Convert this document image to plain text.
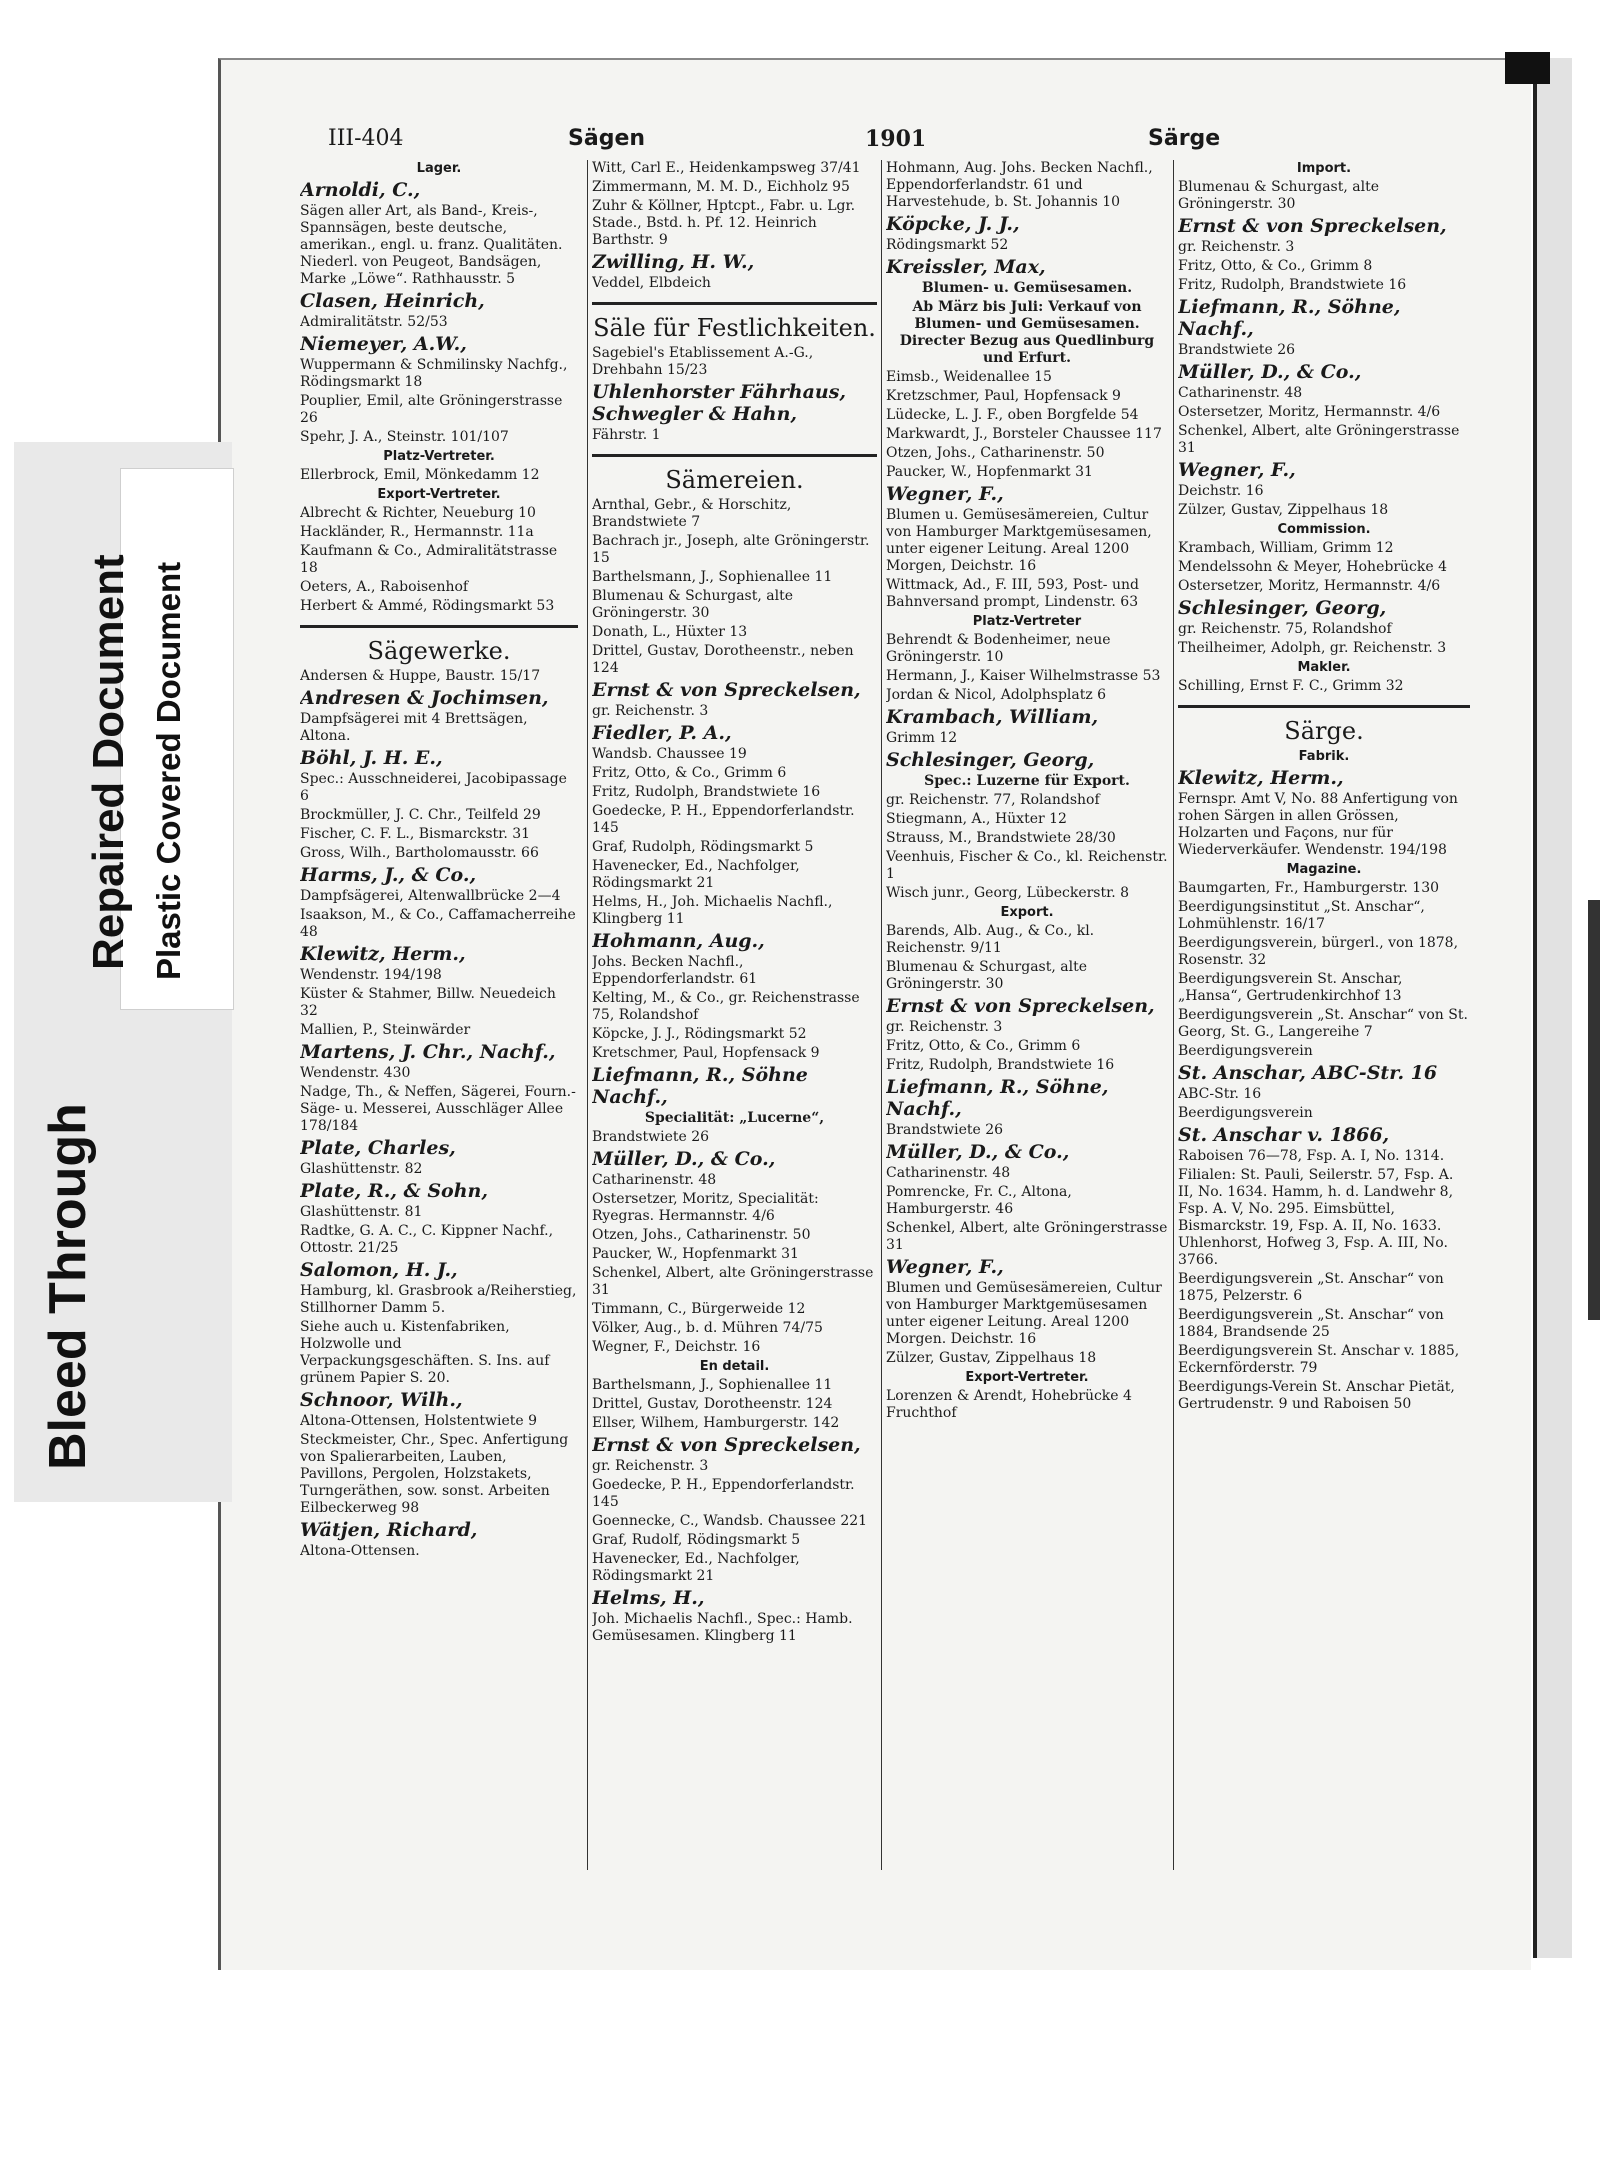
III-404	Sägen	1901	Särge

Lager.

Arnoldi, C.,

Sägen aller Art, als Band-, Kreis-, Spannsägen, beste deutsche, amerikan., engl. u. franz. Qualitäten. Niederl. von Peugeot, Bandsägen, Marke „Löwe“. Rathhausstr. 5

Clasen, Heinrich,

Admiralitätstr. 52/53

Niemeyer, A.W.,

Wuppermann & Schmilinsky Nachfg., Rödingsmarkt 18

Pouplier, Emil, alte Gröningerstrasse 26

Spehr, J. A., Steinstr. 101/107

Platz-Vertreter.

Ellerbrock, Emil, Mönkedamm 12

Export-Vertreter.

Albrecht & Richter, Neueburg 10

Hackländer, R., Hermannstr. 11a

Kaufmann & Co., Admiralitätstrasse 18

Oeters, A., Raboisenhof

Herbert & Ammé, Rödingsmarkt 53

Sägewerke.

Andersen & Huppe, Baustr. 15/17

Andresen & Jochimsen,

Dampfsägerei mit 4 Brettsägen, Altona.

Böhl, J. H. E.,

Spec.: Ausschneiderei, Jacobipassage 6

Brockmüller, J. C. Chr., Teilfeld 29

Fischer, C. F. L., Bismarckstr. 31

Gross, Wilh., Bartholomausstr. 66

Harms, J., & Co.,

Dampfsägerei, Altenwallbrücke 2—4

Isaakson, M., & Co., Caffamacherreihe 48

Klewitz, Herm.,

Wendenstr. 194/198

Küster & Stahmer, Billw. Neuedeich 32

Mallien, P., Steinwärder

Martens, J. Chr., Nachf.,

Wendenstr. 430

Nadge, Th., & Neffen, Sägerei, Fourn.-Säge- u. Messerei, Ausschläger Allee 178/184

Plate, Charles,

Glashüttenstr. 82

Plate, R., & Sohn,

Glashüttenstr. 81

Radtke, G. A. C., C. Kippner Nachf., Ottostr. 21/25

Salomon, H. J.,

Hamburg, kl. Grasbrook a/Reiherstieg, Stillhorner Damm 5.

Siehe auch u. Kistenfabriken, Holzwolle und Verpackungsgeschäften. S. Ins. auf grünem Papier S. 20.

Schnoor, Wilh.,

Altona-Ottensen, Holstentwiete 9

Steckmeister, Chr., Spec. Anfertigung von Spalierarbeiten, Lauben, Pavillons, Pergolen, Holzstakets, Turngeräthen, sow. sonst. Arbeiten Eilbeckerweg 98

Wätjen, Richard,

Altona-Ottensen.

Witt, Carl E., Heidenkampsweg 37/41

Zimmermann, M. M. D., Eichholz 95

Zuhr & Köllner, Hptcpt., Fabr. u. Lgr. Stade., Bstd. h. Pf. 12. Heinrich Barthstr. 9

Zwilling, H. W.,

Veddel, Elbdeich

Säle für Festlichkeiten.

Sagebiel's Etablissement A.-G., Drehbahn 15/23

Uhlenhorster Fährhaus, Schwegler & Hahn,

Fährstr. 1

Sämereien.

Arnthal, Gebr., & Horschitz, Brandstwiete 7

Bachrach jr., Joseph, alte Gröningerstr. 15

Barthelsmann, J., Sophienallee 11

Blumenau & Schurgast, alte Gröningerstr. 30

Donath, L., Hüxter 13

Drittel, Gustav, Dorotheenstr., neben 124

Ernst & von Spreckelsen,

gr. Reichenstr. 3

Fiedler, P. A.,

Wandsb. Chaussee 19

Fritz, Otto, & Co., Grimm 6

Fritz, Rudolph, Brandstwiete 16

Goedecke, P. H., Eppendorferlandstr. 145

Graf, Rudolph, Rödingsmarkt 5

Havenecker, Ed., Nachfolger, Rödingsmarkt 21

Helms, H., Joh. Michaelis Nachfl., Klingberg 11

Hohmann, Aug.,

Johs. Becken Nachfl., Eppendorferlandstr. 61

Kelting, M., & Co., gr. Reichenstrasse 75, Rolandshof

Köpcke, J. J., Rödingsmarkt 52

Kretschmer, Paul, Hopfensack 9

Liefmann, R., Söhne Nachf.,

Specialität: „Lucerne“,

Brandstwiete 26

Müller, D., & Co.,

Catharinenstr. 48

Ostersetzer, Moritz, Specialität: Ryegras. Hermannstr. 4/6

Otzen, Johs., Catharinenstr. 50

Paucker, W., Hopfenmarkt 31

Schenkel, Albert, alte Gröningerstrasse 31

Timmann, C., Bürgerweide 12

Völker, Aug., b. d. Mühren 74/75

Wegner, F., Deichstr. 16

En detail.

Barthelsmann, J., Sophienallee 11

Drittel, Gustav, Dorotheenstr. 124

Ellser, Wilhem, Hamburgerstr. 142

Ernst & von Spreckelsen,

gr. Reichenstr. 3

Goedecke, P. H., Eppendorferlandstr. 145

Goennecke, C., Wandsb. Chaussee 221

Graf, Rudolf, Rödingsmarkt 5

Havenecker, Ed., Nachfolger, Rödingsmarkt 21

Helms, H.,

Joh. Michaelis Nachfl., Spec.: Hamb. Gemüsesamen. Klingberg 11

Hohmann, Aug. Johs. Becken Nachfl., Eppendorferlandstr. 61 und Harvestehude, b. St. Johannis 10

Köpcke, J. J.,

Rödingsmarkt 52

Kreissler, Max,

Blumen- u. Gemüsesamen.

Ab März bis Juli: Verkauf von Blumen- und Gemüsesamen. Directer Bezug aus Quedlinburg und Erfurt.

Eimsb., Weidenallee 15

Kretzschmer, Paul, Hopfensack 9

Lüdecke, L. J. F., oben Borgfelde 54

Markwardt, J., Borsteler Chaussee 117

Otzen, Johs., Catharinenstr. 50

Paucker, W., Hopfenmarkt 31

Wegner, F.,

Blumen u. Gemüsesämereien, Cultur von Hamburger Marktgemüsesamen, unter eigener Leitung. Areal 1200 Morgen, Deichstr. 16

Wittmack, Ad., F. III, 593, Post- und Bahnversand prompt, Lindenstr. 63

Platz-Vertreter

Behrendt & Bodenheimer, neue Gröningerstr. 10

Hermann, J., Kaiser Wilhelmstrasse 53

Jordan & Nicol, Adolphsplatz 6

Krambach, William,

Grimm 12

Schlesinger, Georg,

Spec.: Luzerne für Export.

gr. Reichenstr. 77, Rolandshof

Stiegmann, A., Hüxter 12

Strauss, M., Brandstwiete 28/30

Veenhuis, Fischer & Co., kl. Reichenstr. 1

Wisch junr., Georg, Lübeckerstr. 8

Export.

Barends, Alb. Aug., & Co., kl. Reichenstr. 9/11

Blumenau & Schurgast, alte Gröningerstr. 30

Ernst & von Spreckelsen,

gr. Reichenstr. 3

Fritz, Otto, & Co., Grimm 6

Fritz, Rudolph, Brandstwiete 16

Liefmann, R., Söhne, Nachf.,

Brandstwiete 26

Müller, D., & Co.,

Catharinenstr. 48

Pomrencke, Fr. C., Altona, Hamburgerstr. 46

Schenkel, Albert, alte Gröningerstrasse 31

Wegner, F.,

Blumen und Gemüsesämereien, Cultur von Hamburger Marktgemüsesamen unter eigener Leitung. Areal 1200 Morgen. Deichstr. 16

Zülzer, Gustav, Zippelhaus 18

Export-Vertreter.

Lorenzen & Arendt, Hohebrücke 4 Fruchthof

Import.

Blumenau & Schurgast, alte Gröningerstr. 30

Ernst & von Spreckelsen,

gr. Reichenstr. 3

Fritz, Otto, & Co., Grimm 8

Fritz, Rudolph, Brandstwiete 16

Liefmann, R., Söhne, Nachf.,

Brandstwiete 26

Müller, D., & Co.,

Catharinenstr. 48

Ostersetzer, Moritz, Hermannstr. 4/6

Schenkel, Albert, alte Gröningerstrasse 31

Wegner, F.,

Deichstr. 16

Zülzer, Gustav, Zippelhaus 18

Commission.

Krambach, William, Grimm 12

Mendelssohn & Meyer, Hohebrücke 4

Ostersetzer, Moritz, Hermannstr. 4/6

Schlesinger, Georg,

gr. Reichenstr. 75, Rolandshof

Theilheimer, Adolph, gr. Reichenstr. 3

Makler.

Schilling, Ernst F. C., Grimm 32

Särge.

Fabrik.

Klewitz, Herm.,

Fernspr. Amt V, No. 88 Anfertigung von rohen Särgen in allen Grössen, Holzarten und Façons, nur für Wiederverkäufer. Wendenstr. 194/198

Magazine.

Baumgarten, Fr., Hamburgerstr. 130

Beerdigungsinstitut „St. Anschar“, Lohmühlenstr. 16/17

Beerdigungsverein, bürgerl., von 1878, Rosenstr. 32

Beerdigungsverein St. Anschar, „Hansa“, Gertrudenkirchhof 13

Beerdigungsverein „St. Anschar“ von St. Georg, St. G., Langereihe 7

Beerdigungsverein

St. Anschar, ABC-Str. 16

ABC-Str. 16

Beerdigungsverein

St. Anschar v. 1866,

Raboisen 76—78, Fsp. A. I, No. 1314.

Filialen: St. Pauli, Seilerstr. 57, Fsp. A. II, No. 1634. Hamm, h. d. Landwehr 8, Fsp. A. V, No. 295. Eimsbüttel, Bismarckstr. 19, Fsp. A. II, No. 1633. Uhlenhorst, Hofweg 3, Fsp. A. III, No. 3766.

Beerdigungsverein „St. Anschar“ von 1875, Pelzerstr. 6

Beerdigungsverein „St. Anschar“ von 1884, Brandsende 25

Beerdigungsverein St. Anschar v. 1885, Eckernförderstr. 79

Beerdigungs-Verein St. Anschar Pietät, Gertrudenstr. 9 und Raboisen 50

Bleed Through
Repaired Document Plastic Covered Document
